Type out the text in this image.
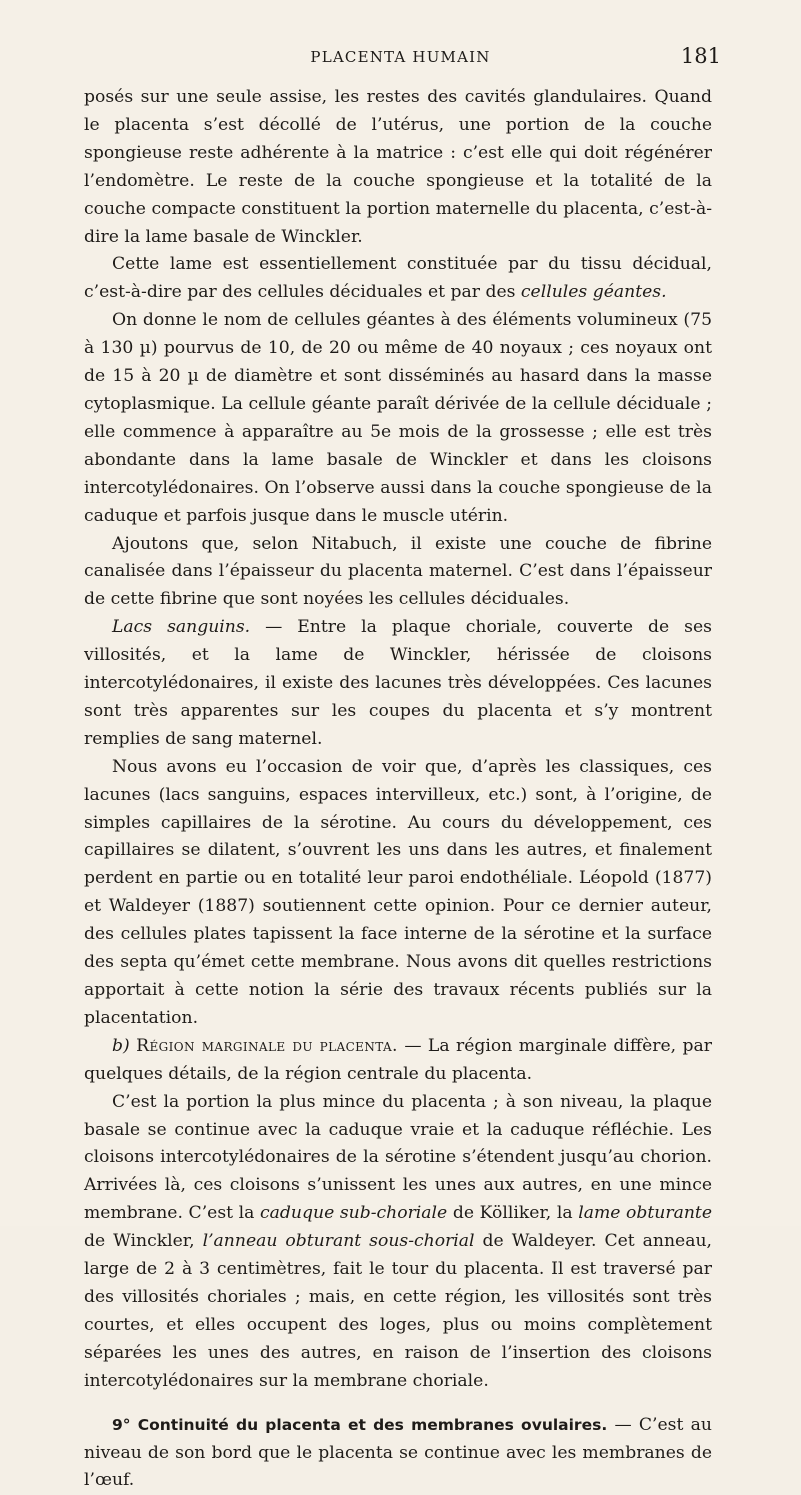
PLACENTA HUMAIN	181

posés sur une seule assise, les restes des cavités glandulaires. Quand le placenta s’est décollé de l’utérus, une portion de la couche spongieuse reste adhérente à la matrice : c’est elle qui doit régénérer l’endomètre. Le reste de la couche spongieuse et la totalité de la couche compacte constituent la portion maternelle du placenta, c’est-à-dire la lame basale de Winckler.

Cette lame est essentiellement constituée par du tissu décidual, c’est-à-dire par des cellules déciduales et par des cellules géantes.

On donne le nom de cellules géantes à des éléments volumineux (75 à 130 µ) pourvus de 10, de 20 ou même de 40 noyaux ; ces noyaux ont de 15 à 20 µ de diamètre et sont disséminés au hasard dans la masse cytoplasmique. La cellule géante paraît dérivée de la cellule déciduale ; elle commence à apparaître au 5e mois de la grossesse ; elle est très abondante dans la lame basale de Winckler et dans les cloisons intercotylédonaires. On l’observe aussi dans la couche spongieuse de la caduque et parfois jusque dans le muscle utérin.

Ajoutons que, selon Nitabuch, il existe une couche de fibrine canalisée dans l’épaisseur du placenta maternel. C’est dans l’épaisseur de cette fibrine que sont noyées les cellules déciduales.

Lacs sanguins. — Entre la plaque choriale, couverte de ses villosités, et la lame de Winckler, hérissée de cloisons intercotylédonaires, il existe des lacunes très développées. Ces lacunes sont très apparentes sur les coupes du placenta et s’y montrent remplies de sang maternel.

Nous avons eu l’occasion de voir que, d’après les classiques, ces lacunes (lacs sanguins, espaces intervilleux, etc.) sont, à l’origine, de simples capillaires de la sérotine. Au cours du développement, ces capillaires se dilatent, s’ouvrent les uns dans les autres, et finalement perdent en partie ou en totalité leur paroi endothéliale. Léopold (1877) et Waldeyer (1887) soutiennent cette opinion. Pour ce dernier auteur, des cellules plates tapissent la face interne de la sérotine et la surface des septa qu’émet cette membrane. Nous avons dit quelles restrictions apportait à cette notion la série des travaux récents publiés sur la placentation.

b) Région marginale du placenta. — La région marginale diffère, par quelques détails, de la région centrale du placenta.

C’est la portion la plus mince du placenta ; à son niveau, la plaque basale se continue avec la caduque vraie et la caduque réfléchie. Les cloisons intercotylédonaires de la sérotine s’étendent jusqu’au chorion. Arrivées là, ces cloisons s’unissent les unes aux autres, en une mince membrane. C’est la caduque sub-choriale de Kölliker, la lame obturante de Winckler, l’anneau obturant sous-chorial de Waldeyer. Cet anneau, large de 2 à 3 centimètres, fait le tour du placenta. Il est traversé par des villosités choriales ; mais, en cette région, les villosités sont très courtes, et elles occupent des loges, plus ou moins complètement séparées les unes des autres, en raison de l’insertion des cloisons intercotylédonaires sur la membrane choriale.

9° Continuité du placenta et des membranes ovulaires. — C’est au niveau de son bord que le placenta se continue avec les membranes de l’œuf.
